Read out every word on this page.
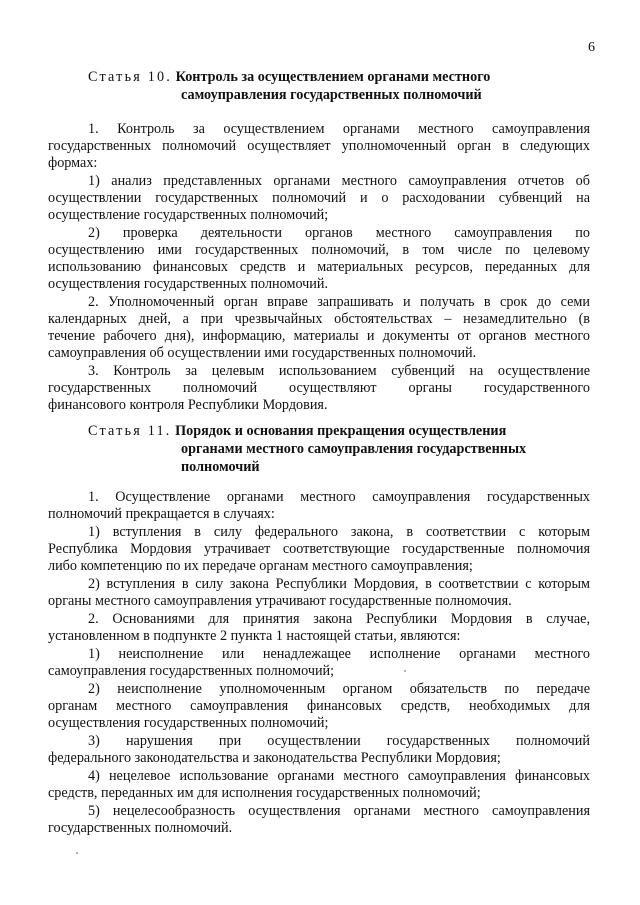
6
Статья 10. Контроль за осуществлением органами местного
самоуправления государственных полномочий
1. Контроль за осуществлением органами местного самоуправления
государственных полномочий осуществляет уполномоченный орган в следующих
формах:
1) анализ представленных органами местного самоуправления отчетов об
осуществлении государственных полномочий и о расходовании субвенций на
осуществление государственных полномочий;
2) проверка деятельности органов местного самоуправления по
осуществлению ими государственных полномочий, в том числе по целевому
использованию финансовых средств и материальных ресурсов, переданных для
осуществления государственных полномочий.
2. Уполномоченный орган вправе запрашивать и получать в срок до семи
календарных дней, а при чрезвычайных обстоятельствах – незамедлительно (в
течение рабочего дня), информацию, материалы и документы от органов местного
самоуправления об осуществлении ими государственных полномочий.
3. Контроль за целевым использованием субвенций на осуществление
государственных полномочий осуществляют органы государственного
финансового контроля Республики Мордовия.
Статья 11. Порядок и основания прекращения осуществления
органами местного самоуправления государственных
полномочий
1. Осуществление органами местного самоуправления государственных
полномочий прекращается в случаях:
1) вступления в силу федерального закона, в соответствии с которым
Республика Мордовия утрачивает соответствующие государственные полномочия
либо компетенцию по их передаче органам местного самоуправления;
2) вступления в силу закона Республики Мордовия, в соответствии с которым
органы местного самоуправления утрачивают государственные полномочия.
2. Основаниями для принятия закона Республики Мордовия в случае,
установленном в подпункте 2 пункта 1 настоящей статьи, являются:
1) неисполнение или ненадлежащее исполнение органами местного
самоуправления государственных полномочий;
2) неисполнение уполномоченным органом обязательств по передаче
органам местного самоуправления финансовых средств, необходимых для
осуществления государственных полномочий;
3) нарушения при осуществлении государственных полномочий
федерального законодательства и законодательства Республики Мордовия;
4) нецелевое использование органами местного самоуправления финансовых
средств, переданных им для исполнения государственных полномочий;
5) нецелесообразность осуществления органами местного самоуправления
государственных полномочий.
